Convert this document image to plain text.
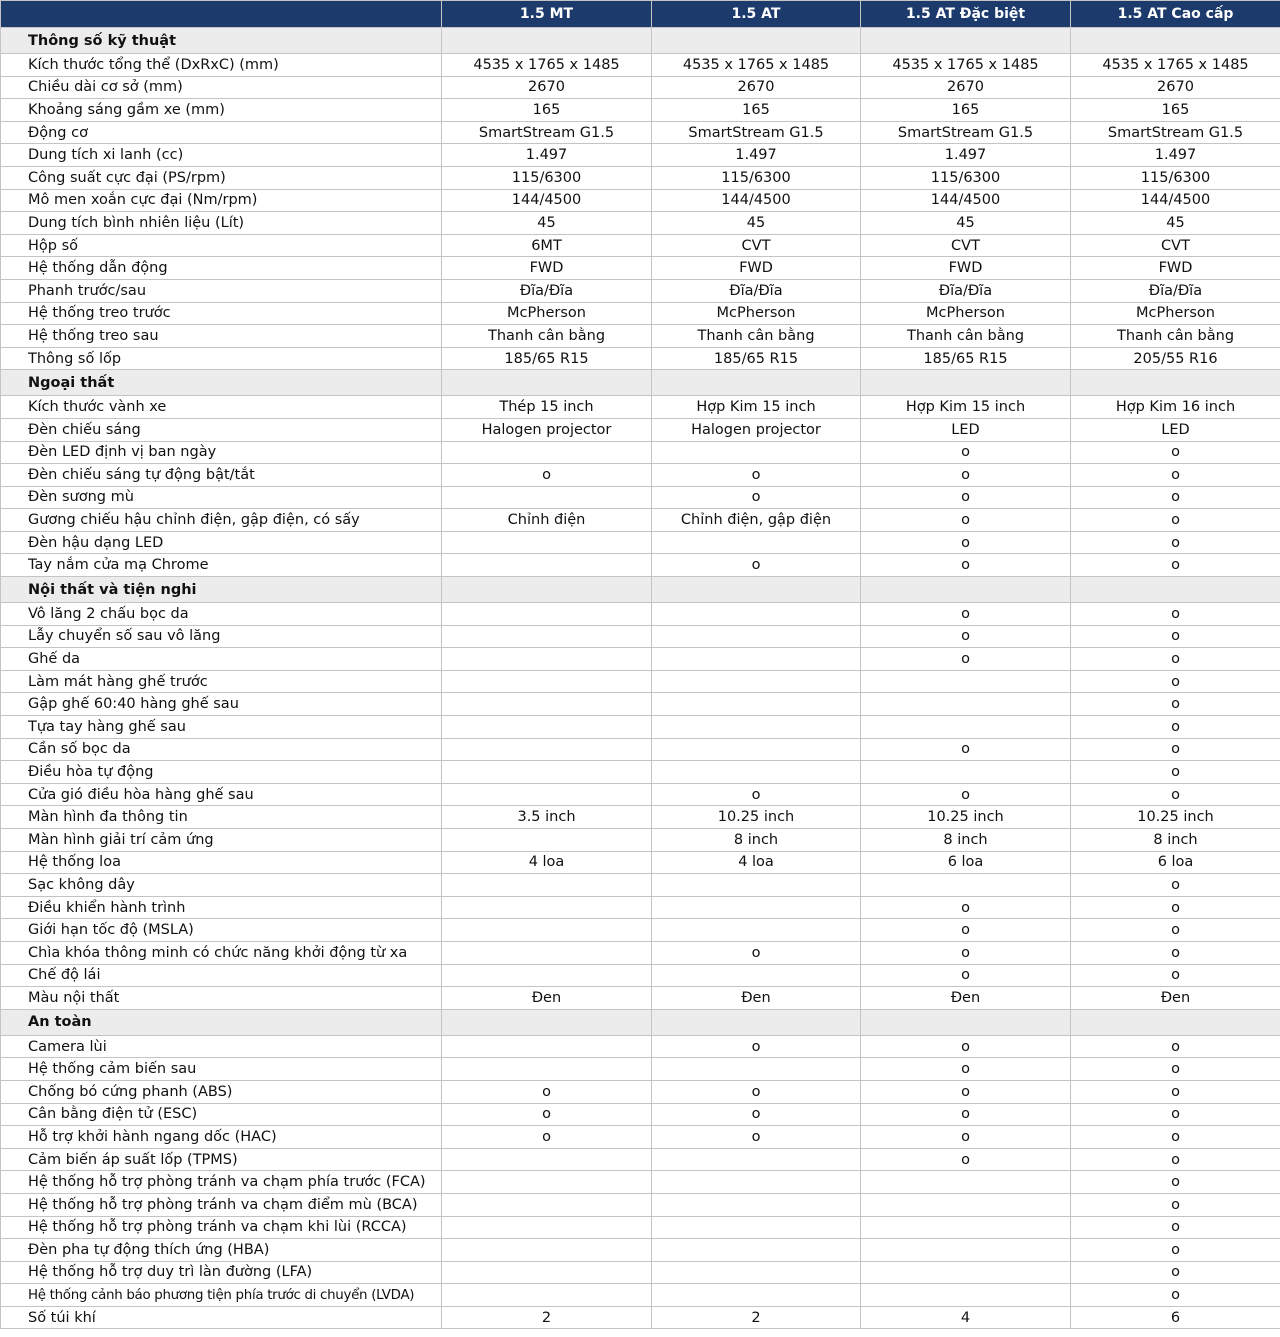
	1.5 MT	1.5 AT	1.5 AT Đặc biệt	1.5 AT Cao cấp
Thông số kỹ thuật				
Kích thước tổng thể (DxRxC) (mm)	4535 x 1765 x 1485	4535 x 1765 x 1485	4535 x 1765 x 1485	4535 x 1765 x 1485
Chiều dài cơ sở (mm)	2670	2670	2670	2670
Khoảng sáng gầm xe (mm)	165	165	165	165
Động cơ	SmartStream G1.5	SmartStream G1.5	SmartStream G1.5	SmartStream G1.5
Dung tích xi lanh (cc)	1.497	1.497	1.497	1.497
Công suất cực đại (PS/rpm)	115/6300	115/6300	115/6300	115/6300
Mô men xoắn cực đại (Nm/rpm)	144/4500	144/4500	144/4500	144/4500
Dung tích bình nhiên liệu (Lít)	45	45	45	45
Hộp số	6MT	CVT	CVT	CVT
Hệ thống dẫn động	FWD	FWD	FWD	FWD
Phanh trước/sau	Đĩa/Đĩa	Đĩa/Đĩa	Đĩa/Đĩa	Đĩa/Đĩa
Hệ thống treo trước	McPherson	McPherson	McPherson	McPherson
Hệ thống treo sau	Thanh cân bằng	Thanh cân bằng	Thanh cân bằng	Thanh cân bằng
Thông số lốp	185/65 R15	185/65 R15	185/65 R15	205/55 R16
Ngoại thất				
Kích thước vành xe	Thép 15 inch	Hợp Kim 15 inch	Hợp Kim 15 inch	Hợp Kim 16 inch
Đèn chiếu sáng	Halogen projector	Halogen projector	LED	LED
Đèn LED định vị ban ngày			o	o
Đèn chiếu sáng tự động bật/tắt	o	o	o	o
Đèn sương mù		o	o	o
Gương chiếu hậu chỉnh điện, gập điện, có sấy	Chỉnh điện	Chỉnh điện, gập điện	o	o
Đèn hậu dạng LED			o	o
Tay nắm cửa mạ Chrome		o	o	o
Nội thất và tiện nghi				
Vô lăng 2 chấu bọc da			o	o
Lẫy chuyển số sau vô lăng			o	o
Ghế da			o	o
Làm mát hàng ghế trước				o
Gập ghế 60:40 hàng ghế sau				o
Tựa tay hàng ghế sau				o
Cần số bọc da			o	o
Điều hòa tự động				o
Cửa gió điều hòa hàng ghế sau		o	o	o
Màn hình đa thông tin	3.5 inch	10.25 inch	10.25 inch	10.25 inch
Màn hình giải trí cảm ứng		8 inch	8 inch	8 inch
Hệ thống loa	4 loa	4 loa	6 loa	6 loa
Sạc không dây				o
Điều khiển hành trình			o	o
Giới hạn tốc độ (MSLA)			o	o
Chìa khóa thông minh có chức năng khởi động từ xa		o	o	o
Chế độ lái			o	o
Màu nội thất	Đen	Đen	Đen	Đen
An toàn				
Camera lùi		o	o	o
Hệ thống cảm biến sau			o	o
Chống bó cứng phanh (ABS)	o	o	o	o
Cân bằng điện tử (ESC)	o	o	o	o
Hỗ trợ khởi hành ngang dốc (HAC)	o	o	o	o
Cảm biến áp suất lốp (TPMS)			o	o
Hệ thống hỗ trợ phòng tránh va chạm phía trước (FCA)				o
Hệ thống hỗ trợ phòng tránh va chạm điểm mù (BCA)				o
Hệ thống hỗ trợ phòng tránh va chạm khi lùi (RCCA)				o
Đèn pha tự động thích ứng (HBA)				o
Hệ thống hỗ trợ duy trì làn đường (LFA)				o
Hệ thống cảnh báo phương tiện phía trước di chuyển (LVDA)				o
Số túi khí	2	2	4	6
